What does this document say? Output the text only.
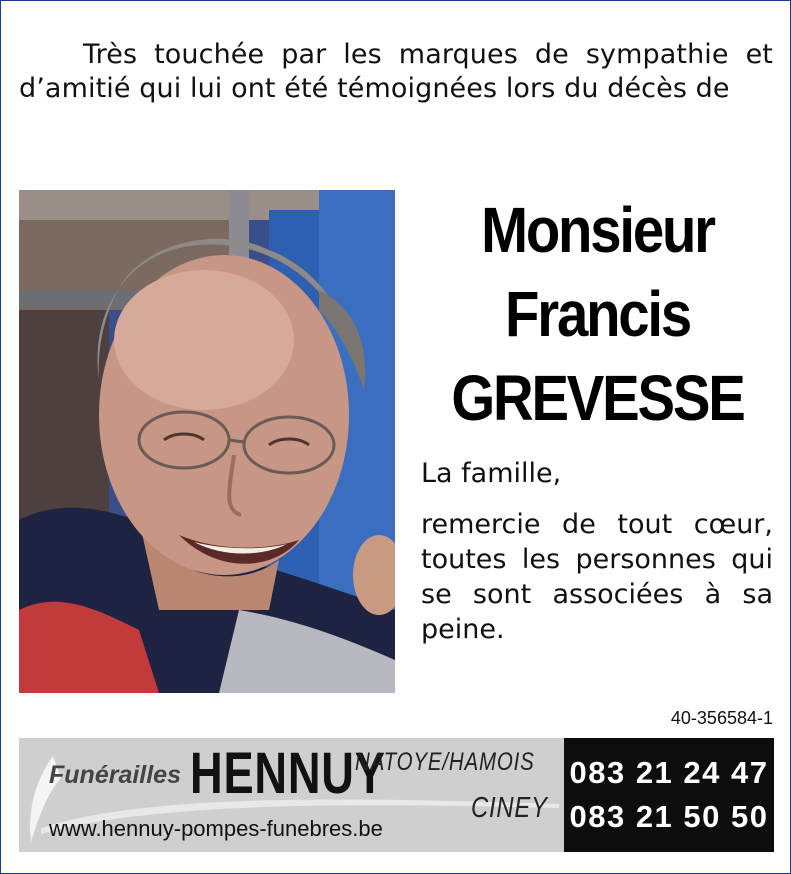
Très touchée par les marques de sympathie et d’amitié qui lui ont été témoignées lors du décès de
Monsieur
Francis
GREVESSE
La famille,
remercie de tout cœur, toutes les personnes qui se sont associées à sa peine.
40-356584-1
Funérailles HENNUY
NATOYE/HAMOIS
CINEY
www.hennuy-pompes-funebres.be
083 21 24 47
083 21 50 50
